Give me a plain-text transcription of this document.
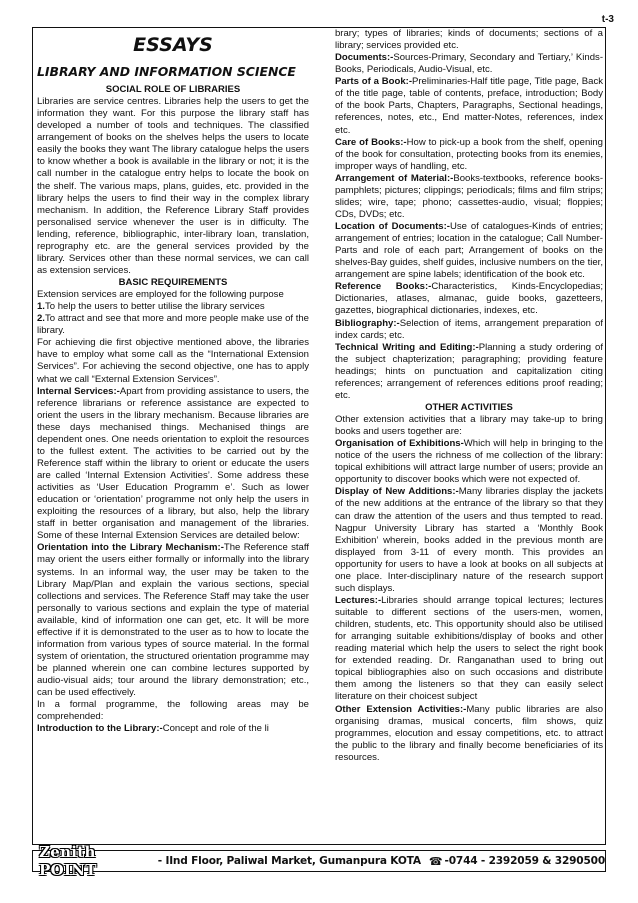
t-3
ESSAYS
LIBRARY AND INFORMATION SCIENCE
SOCIAL ROLE OF LIBRARIES

Libraries are service centres. Libraries help the users to get the information they want. For this purpose the library staff has developed a number of tools and techniques. The classified arrangement of books on the shelves helps the users to locate easily the books they want The library catalogue helps the users to know whether a book is available in the library or not; it is the call number in the catalogue entry helps to locate the book on the shelf. The various maps, plans, guides, etc. provided in the library helps the users to find their way in the complex library mechanism. In addition, the Reference Library Staff provides personalised service whenever the user is in difficulty. The lending, reference, bibliographic, inter-library loan, translation, reprography etc. are the general services provided by the library. Services other than these normal services, we can call as extension services.

BASIC REQUIREMENTS

Extension services are employed for the following purpose

1.To help the users to better utilise the library services

2.To attract and see that more and more people make use of the library.

For achieving die first objective mentioned above, the libraries have to employ what some call as the “International Extension Services”. For achieving the second objective, one has to apply what we call “External Extension Services”.

Internal Services:-Apart from providing assistance to users, the reference librarians or reference assistance are expected to orient the users in the library mechanism. Because libraries are these days mechanised things. Mechanised things are dependent ones. One needs orientation to exploit the resources to the fullest extent. The activities to be carried out by the Reference staff within the library to orient or educate the users are called ‘Internal Extension Activities’. Some address these activities as ‘User Education Programm e’. Such as lower education or ‘orientation’ programme not only help the users in exploiting the resources of a library, but also, help the library staff in better organisation and management of the libraries. Some of these Internal Extension Services are detailed below:

Orientation into the Library Mechanism:-The Reference staff may orient the users either formally or informally into the library systems. In an informal way, the user may be taken to the Library Map/Plan and explain the various sections, special collections and services. The Reference Staff may take the user personally to various sections and explain the type of material available, kind of information one can get, etc. It will be more effective if it is demonstrated to the user as to how to locate the information from various types of source material. In the formal system of orientation, the structured orientation programme may be planned wherein one can combine lectures supported by audio-visual aids; tour around the library demonstration; etc., can be used effectively.

In a formal programme, the following areas may be comprehended:

Introduction to the Library:-Concept and role of the li

brary; types of libraries; kinds of documents; sections of a library; services provided etc.

Documents:-Sources-Primary, Secondary and Tertiary,’ Kinds-Books, Periodicals, Audio-Visual, etc.

Parts of a Book:-Preliminaries-Half title page, Title page, Back of the title page, table of contents, preface, introduction; Body of the book Parts, Chapters, Paragraphs, Sectional headings, references, notes, etc., End matter-Notes, references, index etc.

Care of Books:-How to pick-up a book from the shelf, opening of the book for consultation, protecting books from its enemies, improper ways of handling, etc.

Arrangement of Material:-Books-textbooks, reference books-pamphlets; pictures; clippings; periodicals; films and film strips; slides; wire, tape; phono; cassettes-audio, visual; floppies; CDs, DVDs; etc.

Location of Documents:-Use of catalogues-Kinds of entries; arrangement of entries; location in the catalogue; Call Number-Parts and role of each part; Arrangement of books on the shelves-Bay guides, shelf guides, inclusive numbers on the tier, arrangement are spine labels; identification of the book etc.

Reference Books:-Characteristics, Kinds-Encyclopedias; Dictionaries, atlases, almanac, guide books, gazetteers, gazettes, biographical dictionaries, indexes, etc.

Bibliography:-Selection of items, arrangement preparation of index cards; etc.

Technical Writing and Editing:-Planning a study ordering of the subject chapterization; paragraphing; providing feature headings; hints on punctuation and capitalization citing references; arrangement of references editions proof reading; etc.

OTHER ACTIVITIES

Other extension activities that a library may take-up to bring books and users together are:

Organisation of Exhibitions-Which will help in bringing to the notice of the users the richness of me collection of the library: topical exhibitions will attract large number of users; provide an opportunity to discover books which were not expected of.

Display of New Additions:-Many libraries display the jackets of the new additions at the entrance of the library so that they can draw the attention of the users and thus tempted to read. Nagpur University Library has started a ‘Monthly Book Exhibition’ wherein, books added in the previous month are displayed from 3-11 of every month. This provides an opportunity for users to have a look at books on all subjects at one place. Inter-disciplinary nature of the research support such displays.

Lectures:-Libraries should arrange topical lectures; lectures suitable to different sections of the users-men, women, children, students, etc. This opportunity should also be utilised for arranging suitable exhibitions/display of books and other reading material which help the users to select the right book for extended reading. Dr. Ranganathan used to bring out topical bibliographies also on such occasions and distribute them among the listeners so that they can easily select literature on their choicest subject

Other Extension Activities:-Many public libraries are also organising dramas, musical concerts, film shows, quiz programmes, elocution and essay competitions, etc. to attract the public to the library and finally become beneficiaries of its resources.

Zenith POINT	- IInd Floor, Paliwal Market, Gumanpura KOTA ☎ -0744 - 2392059 & 3290500
